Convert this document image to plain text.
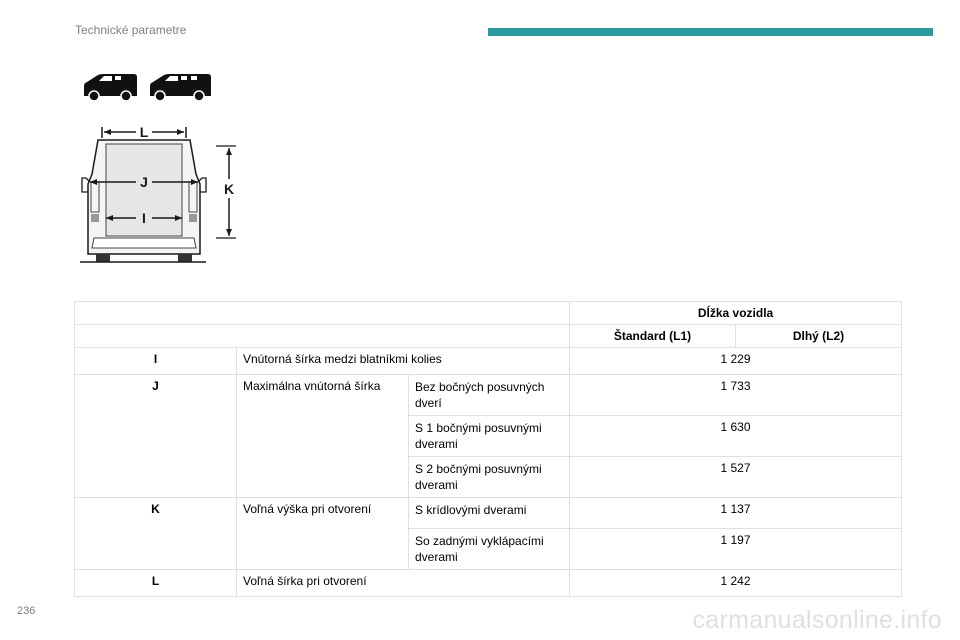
Technické parametre
L
J
I
K
			Dĺžka vozidla	
			Štandard (L1)	Dlhý (L2)
I	Vnútorná šírka medzi blatníkmi kolies		1 229	
J	Maximálna vnútorná šírka	Bez bočných posuvných dverí	1 733	
		S 1 bočnými posuvnými dverami	1 630	
		S 2 bočnými posuvnými dverami	1 527	
K	Voľná výška pri otvorení	S krídlovými dverami	1 137	
		So zadnými vyklápacími dverami	1 197	
L	Voľná šírka pri otvorení		1 242	
236	carmanualsonline.info
